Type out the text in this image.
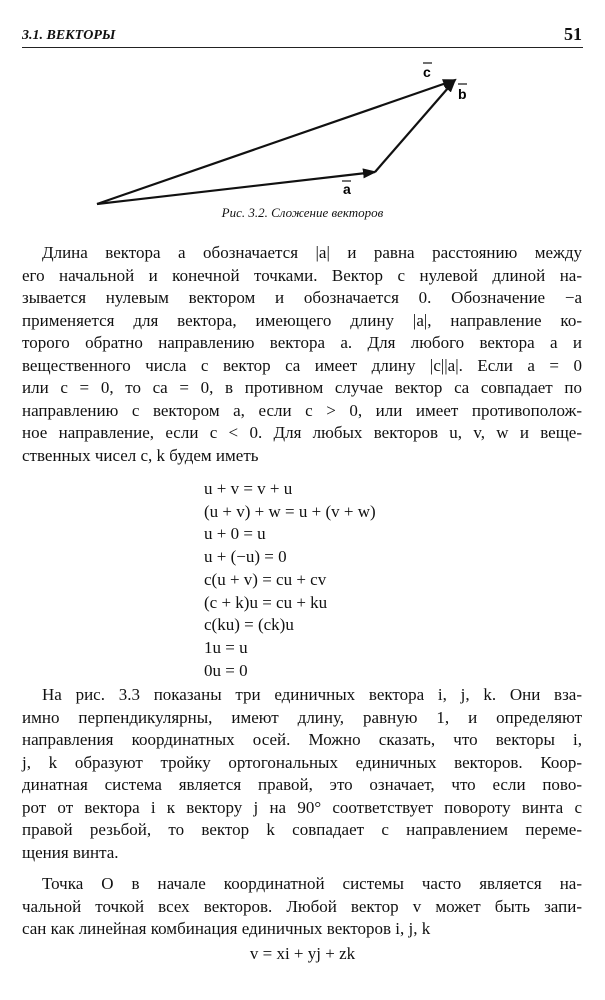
3.1. ВЕКТОРЫ	51
c
b
a
Рис. 3.2. Сложение векторов
Длина вектора a обозначается |a| и равна расстоянию между
его начальной и конечной точками. Вектор с нулевой длиной на-
зывается нулевым вектором и обозначается 0. Обозначение −a
применяется для вектора, имеющего длину |a|, направление ко-
торого обратно направлению вектора a. Для любого вектора a и
вещественного числа c вектор ca имеет длину |c||a|. Если a = 0
или c = 0, то ca = 0, в противном случае вектор ca совпадает по
направлению с вектором a, если c > 0, или имеет противополож-
ное направление, если c < 0. Для любых векторов u, v, w и веще-
ственных чисел c, k будем иметь
u + v = v + u
(u + v) + w = u + (v + w)
u + 0 = u
u + (−u) = 0
c(u + v) = cu + cv
(c + k)u = cu + ku
c(ku) = (ck)u
1u = u
0u = 0
На рис. 3.3 показаны три единичных вектора i, j, k. Они вза-
имно перпендикулярны, имеют длину, равную 1, и определяют
направления координатных осей. Можно сказать, что векторы i,
j, k образуют тройку ортогональных единичных векторов. Коор-
динатная система является правой, это означает, что если пово-
рот от вектора i к вектору j на 90° соответствует повороту винта с
правой резьбой, то вектор k совпадает с направлением переме-
щения винта.
Точка O в начале координатной системы часто является на-
чальной точкой всех векторов. Любой вектор v может быть запи-
сан как линейная комбинация единичных векторов i, j, k
v = xi + yj + zk
